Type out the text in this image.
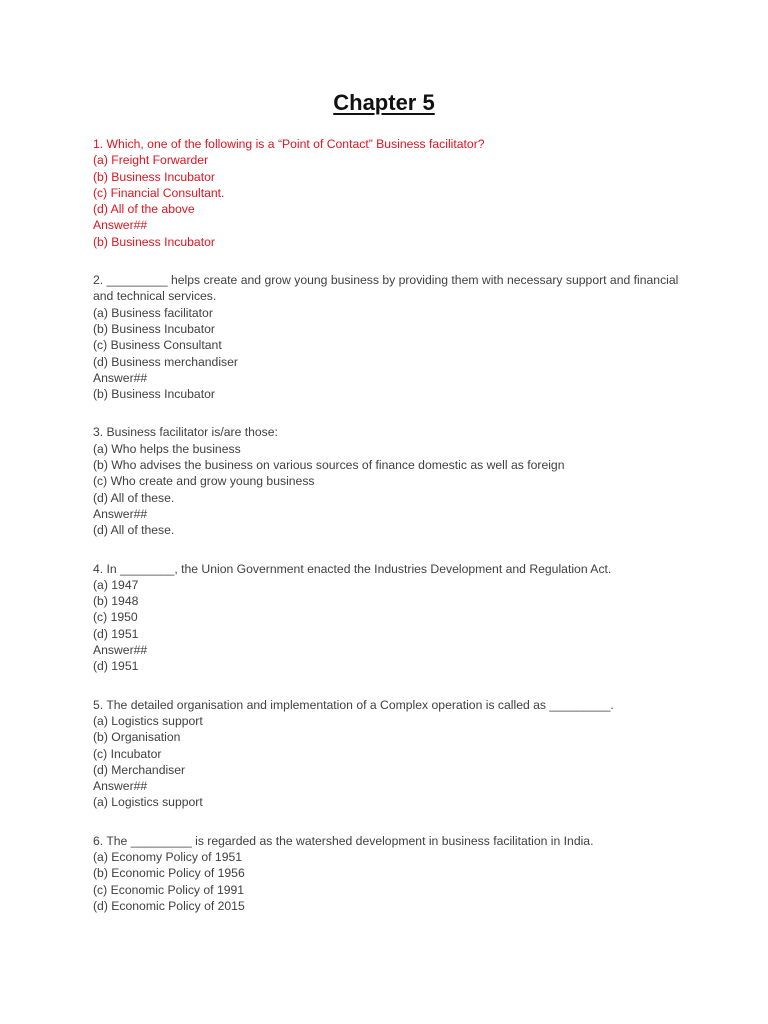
Chapter 5

1. Which, one of the following is a “Point of Contact” Business facilitator?

(a) Freight Forwarder

(b) Business Incubator

(c) Financial Consultant.

(d) All of the above

Answer##

(b) Business Incubator

2. _________ helps create and grow young business by providing them with necessary support and financial and technical services.

(a) Business facilitator

(b) Business Incubator

(c) Business Consultant

(d) Business merchandiser

Answer##

(b) Business Incubator

3. Business facilitator is/are those:

(a) Who helps the business

(b) Who advises the business on various sources of finance domestic as well as foreign

(c) Who create and grow young business

(d) All of these.

Answer##

(d) All of these.

4. In ________, the Union Government enacted the Industries Development and Regulation Act.

(a) 1947

(b) 1948

(c) 1950

(d) 1951

Answer##

(d) 1951

5. The detailed organisation and implementation of a Complex operation is called as _________.

(a) Logistics support

(b) Organisation

(c) Incubator

(d) Merchandiser

Answer##

(a) Logistics support

6. The _________ is regarded as the watershed development in business facilitation in India.

(a) Economy Policy of 1951

(b) Economic Policy of 1956

(c) Economic Policy of 1991

(d) Economic Policy of 2015
